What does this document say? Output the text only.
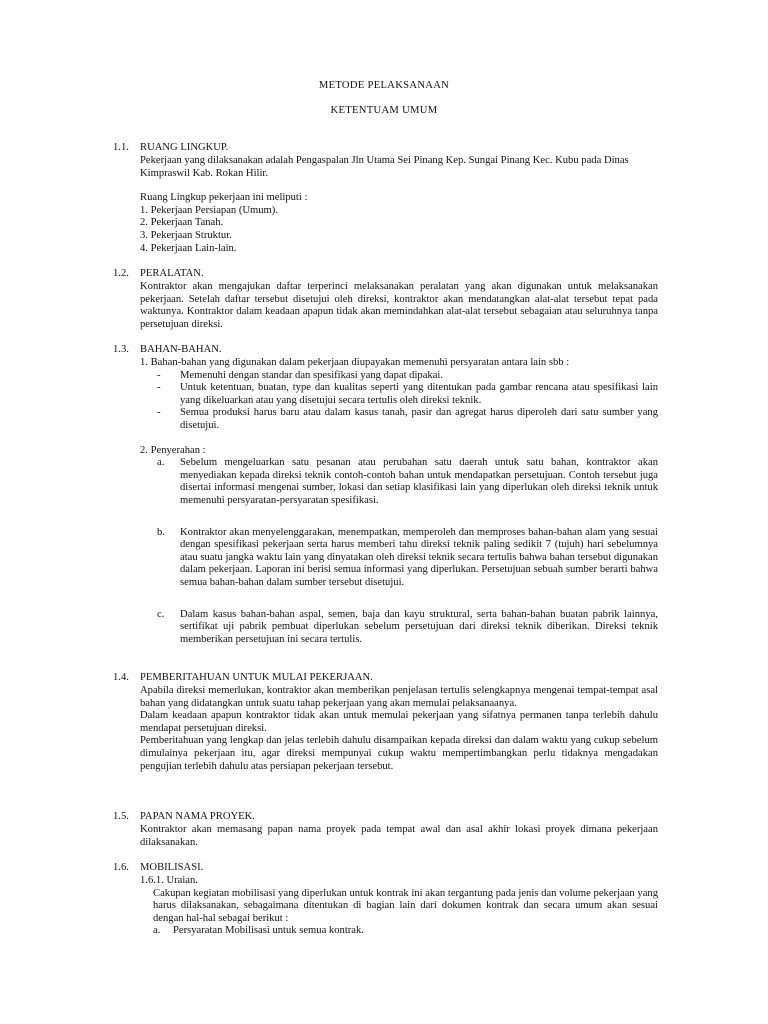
METODE PELAKSANAAN
KETENTUAM UMUM
1.1. RUANG LINGKUP.
Pekerjaan yang dilaksanakan adalah Pengaspalan Jln Utama Sei Pinang Kep. Sungai Pinang Kec. Kubu pada Dinas Kimpraswil Kab. Rokan Hilir.
Ruang Lingkup pekerjaan ini meliputi :
1. Pekerjaan Persiapan (Umum).
2. Pekerjaan Tanah.
3. Pekerjaan Struktur.
4. Pekerjaan Lain-lain.
1.2. PERALATAN.
Kontraktor akan mengajukan daftar terperinci melaksanakan peralatan yang akan digunakan untuk melaksanakan pekerjaan. Setelah daftar tersebut disetujui oleh direksi, kontraktor akan mendatangkan alat-alat tersebut tepat pada waktunya. Kontraktor dalam keadaan apapun tidak akan memindahkan alat-alat tersebut sebagaian atau seluruhnya tanpa persetujuan direksi.
1.3. BAHAN-BAHAN.
1. Bahan-bahan yang digunakan dalam pekerjaan diupayakan memenuhi persyaratan antara lain sbb :
- Memenuhi dengan standar dan spesifikasi yang dapat dipakai.
- Untuk ketentuan, buatan, type dan kualitas seperti yang ditentukan pada gambar rencana atau spesifikasi lain yang dikeluarkan atau yang disetujui secara tertulis oleh direksi teknik.
- Semua produksi harus baru atau dalam kasus tanah, pasir dan agregat harus diperoleh dari satu sumber yang disetujui.
2. Penyerahan :
a. Sebelum mengeluarkan satu pesanan atau perubahan satu daerah untuk satu bahan, kontraktor akan menyediakan kepada direksi teknik contoh-contoh bahan untuk mendapatkan persetujuan. Contoh tersebut juga disertai informasi mengenai sumber, lokasi dan setiap klasifikasi lain yang diperlukan oleh direksi teknik untuk memenuhi persyaratan-persyaratan spesifikasi.
b. Kontraktor akan menyelenggarakan, menempatkan, memperoleh dan memproses bahan-bahan alam yang sesuai dengan spesifikasi pekerjaan serta harus memberi tahu direksi teknik paling sedikit 7 (tujuh) hari sebelumnya atau suatu jangka waktu lain yang dinyatakan oleh direksi teknik secara tertulis bahwa bahan tersebut digunakan dalam pekerjaan. Laporan ini berisi semua informasi yang diperlukan. Persetujuan sebuah sumber berarti bahwa semua bahan-bahan dalam sumber tersebut disetujui.
c. Dalam kasus bahan-bahan aspal, semen, baja dan kayu struktural, serta bahan-bahan buatan pabrik lainnya, sertifikat uji pabrik pembuat diperlukan sebelum persetujuan dari direksi teknik diberikan. Direksi teknik memberikan persetujuan ini secara tertulis.
1.4. PEMBERITAHUAN UNTUK MULAI PEKERJAAN.
Apabila direksi memerlukan, kontraktor akan memberikan penjelasan tertulis selengkapnya mengenai tempat-tempat asal bahan yang didatangkan untuk suatu tahap pekerjaan yang akan memulai pelaksanaanya.
Dalam keadaan apapun kontraktor tidak akan untuk memulai pekerjaan yang sifatnya permanen tanpa terlebih dahulu mendapat persetujuan direksi.
Pemberitahuan yang lengkap dan jelas terlebih dahulu disampaikan kepada direksi dan dalam waktu yang cukup sebelum dimulainya pekerjaan itu, agar direksi mempunyai cukup waktu mempertimbangkan perlu tidaknya mengadakan pengujian terlebih dahulu atas persiapan pekerjaan tersebut.
1.5. PAPAN NAMA PROYEK.
Kontraktor akan memasang papan nama proyek pada tempat awal dan asal akhir lokasi proyek dimana pekerjaan dilaksanakan.
1.6. MOBILISASI.
1.6.1. Uraian.
Cakupan kegiatan mobilisasi yang diperlukan untuk kontrak ini akan tergantung pada jenis dan volume pekerjaan yang harus dilaksanakan, sebagaimana ditentukan di bagian lain dari dokumen kontrak dan secara umum akan sesuai dengan hal-hal sebagai berikut :
a. Persyaratan Mobilisasi untuk semua kontrak.
